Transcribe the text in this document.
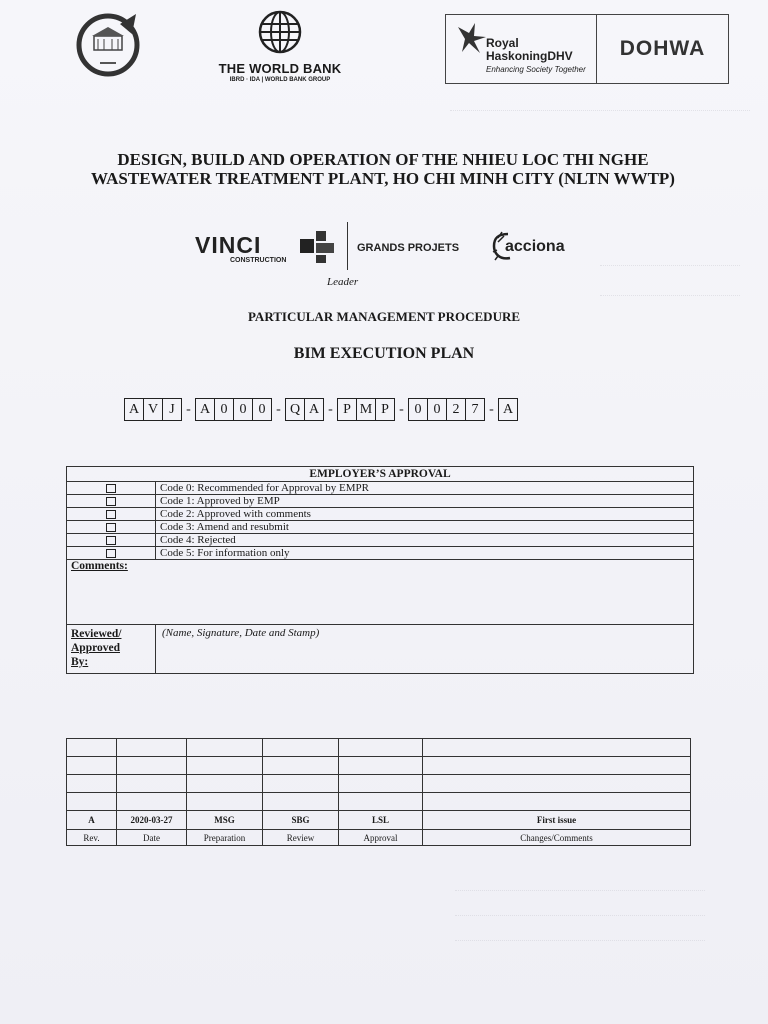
THE WORLD BANK
IBRD · IDA | WORLD BANK GROUP
Royal
HaskoningDHV
Enhancing Society Together
DOHWA
DESIGN, BUILD AND OPERATION OF THE NHIEU LOC THI NGHE WASTEWATER TREATMENT PLANT, HO CHI MINH CITY (NLTN WWTP)
VINCI
CONSTRUCTION
GRANDS PROJETS	acciona
Leader
PARTICULAR MANAGEMENT PROCEDURE
BIM EXECUTION PLAN
A V J - A 0 0 0 - Q A - P M P - 0 0 2 7 - A
EMPLOYER’S APPROVAL	
	Code 0: Recommended for Approval by EMPR
	Code 1: Approved by EMP
	Code 2: Approved with comments
	Code 3: Amend and resubmit
	Code 4: Rejected
	Code 5: For information only
Comments:	
Reviewed/
Approved
By:	(Name, Signature, Date and Stamp)

A	2020-03-27	MSG	SBG	LSL	First issue
Rev.	Date	Preparation	Review	Approval	Changes/Comments
